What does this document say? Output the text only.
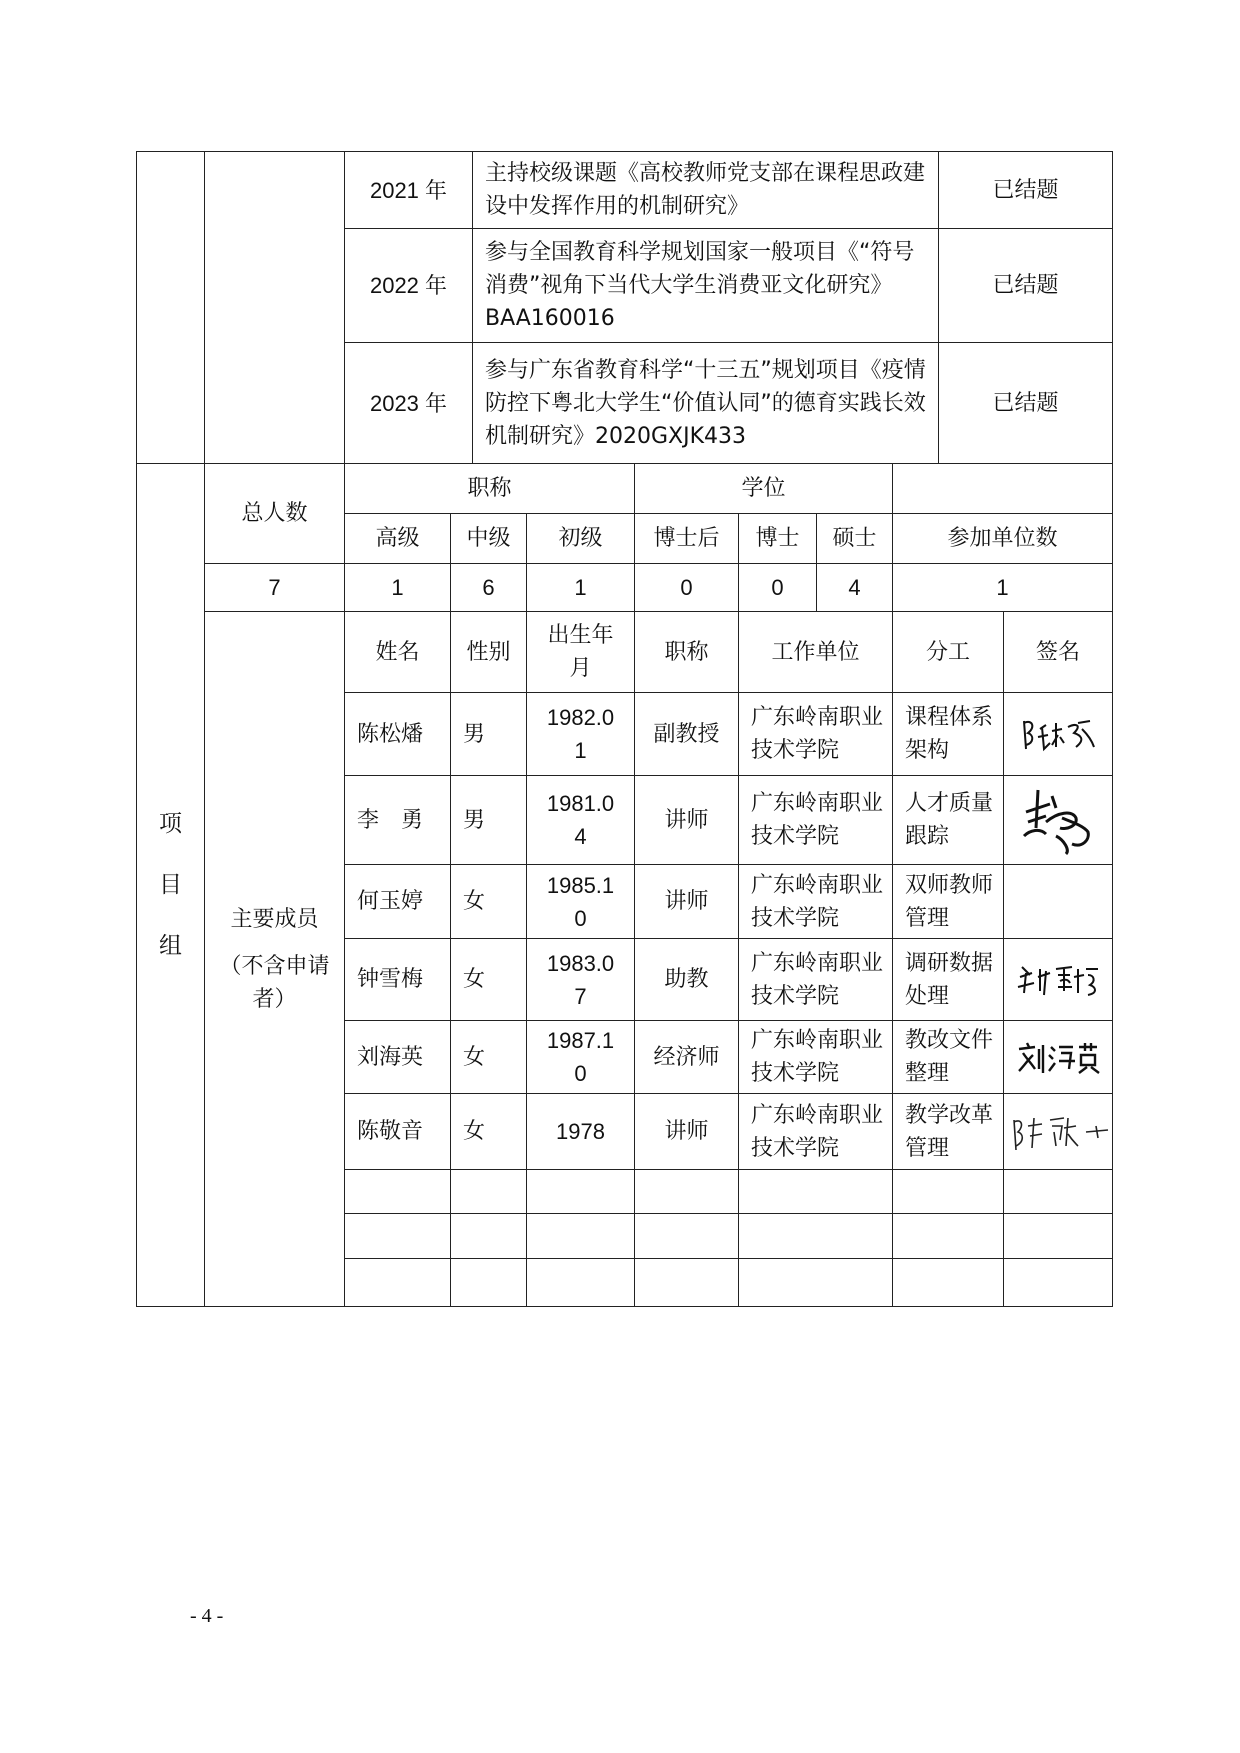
		2021 年	主持校级课题《高校教师党支部在课程思政建设中发挥作用的机制研究》	已结题
		2022 年	参与全国教育科学规划国家一般项目《“符号消费”视角下当代大学生消费亚文化研究》BAA160016	已结题
		2023 年	参与广东省教育科学“十三五”规划项目《疫情防控下粤北大学生“价值认同”的德育实践长效机制研究》2020GXJK433	已结题
项
目
组	总人数	职称			学位				
		高级	中级	初级	博士后	博士	硕士	参加单位数	
	7	1	6	1	0	0	4	1	

	主要成员
（不含申请者）	姓名	性别	出生年月	职称	工作单位		分工	签名
		陈松燔	男	1982.01	副教授	广东岭南职业技术学院		课程体系架构	

		李　勇	男	1981.04	讲师	广东岭南职业技术学院		人才质量跟踪	

		何玉婷	女	1985.10	讲师	广东岭南职业技术学院		双师教师管理	
		钟雪梅	女	1983.07	助教	广东岭南职业技术学院		调研数据处理	

		刘海英	女	1987.10	经济师	广东岭南职业技术学院		教改文件整理	

		陈敬音	女	1978	讲师	广东岭南职业技术学院		教学改革管理	

- 4 -
